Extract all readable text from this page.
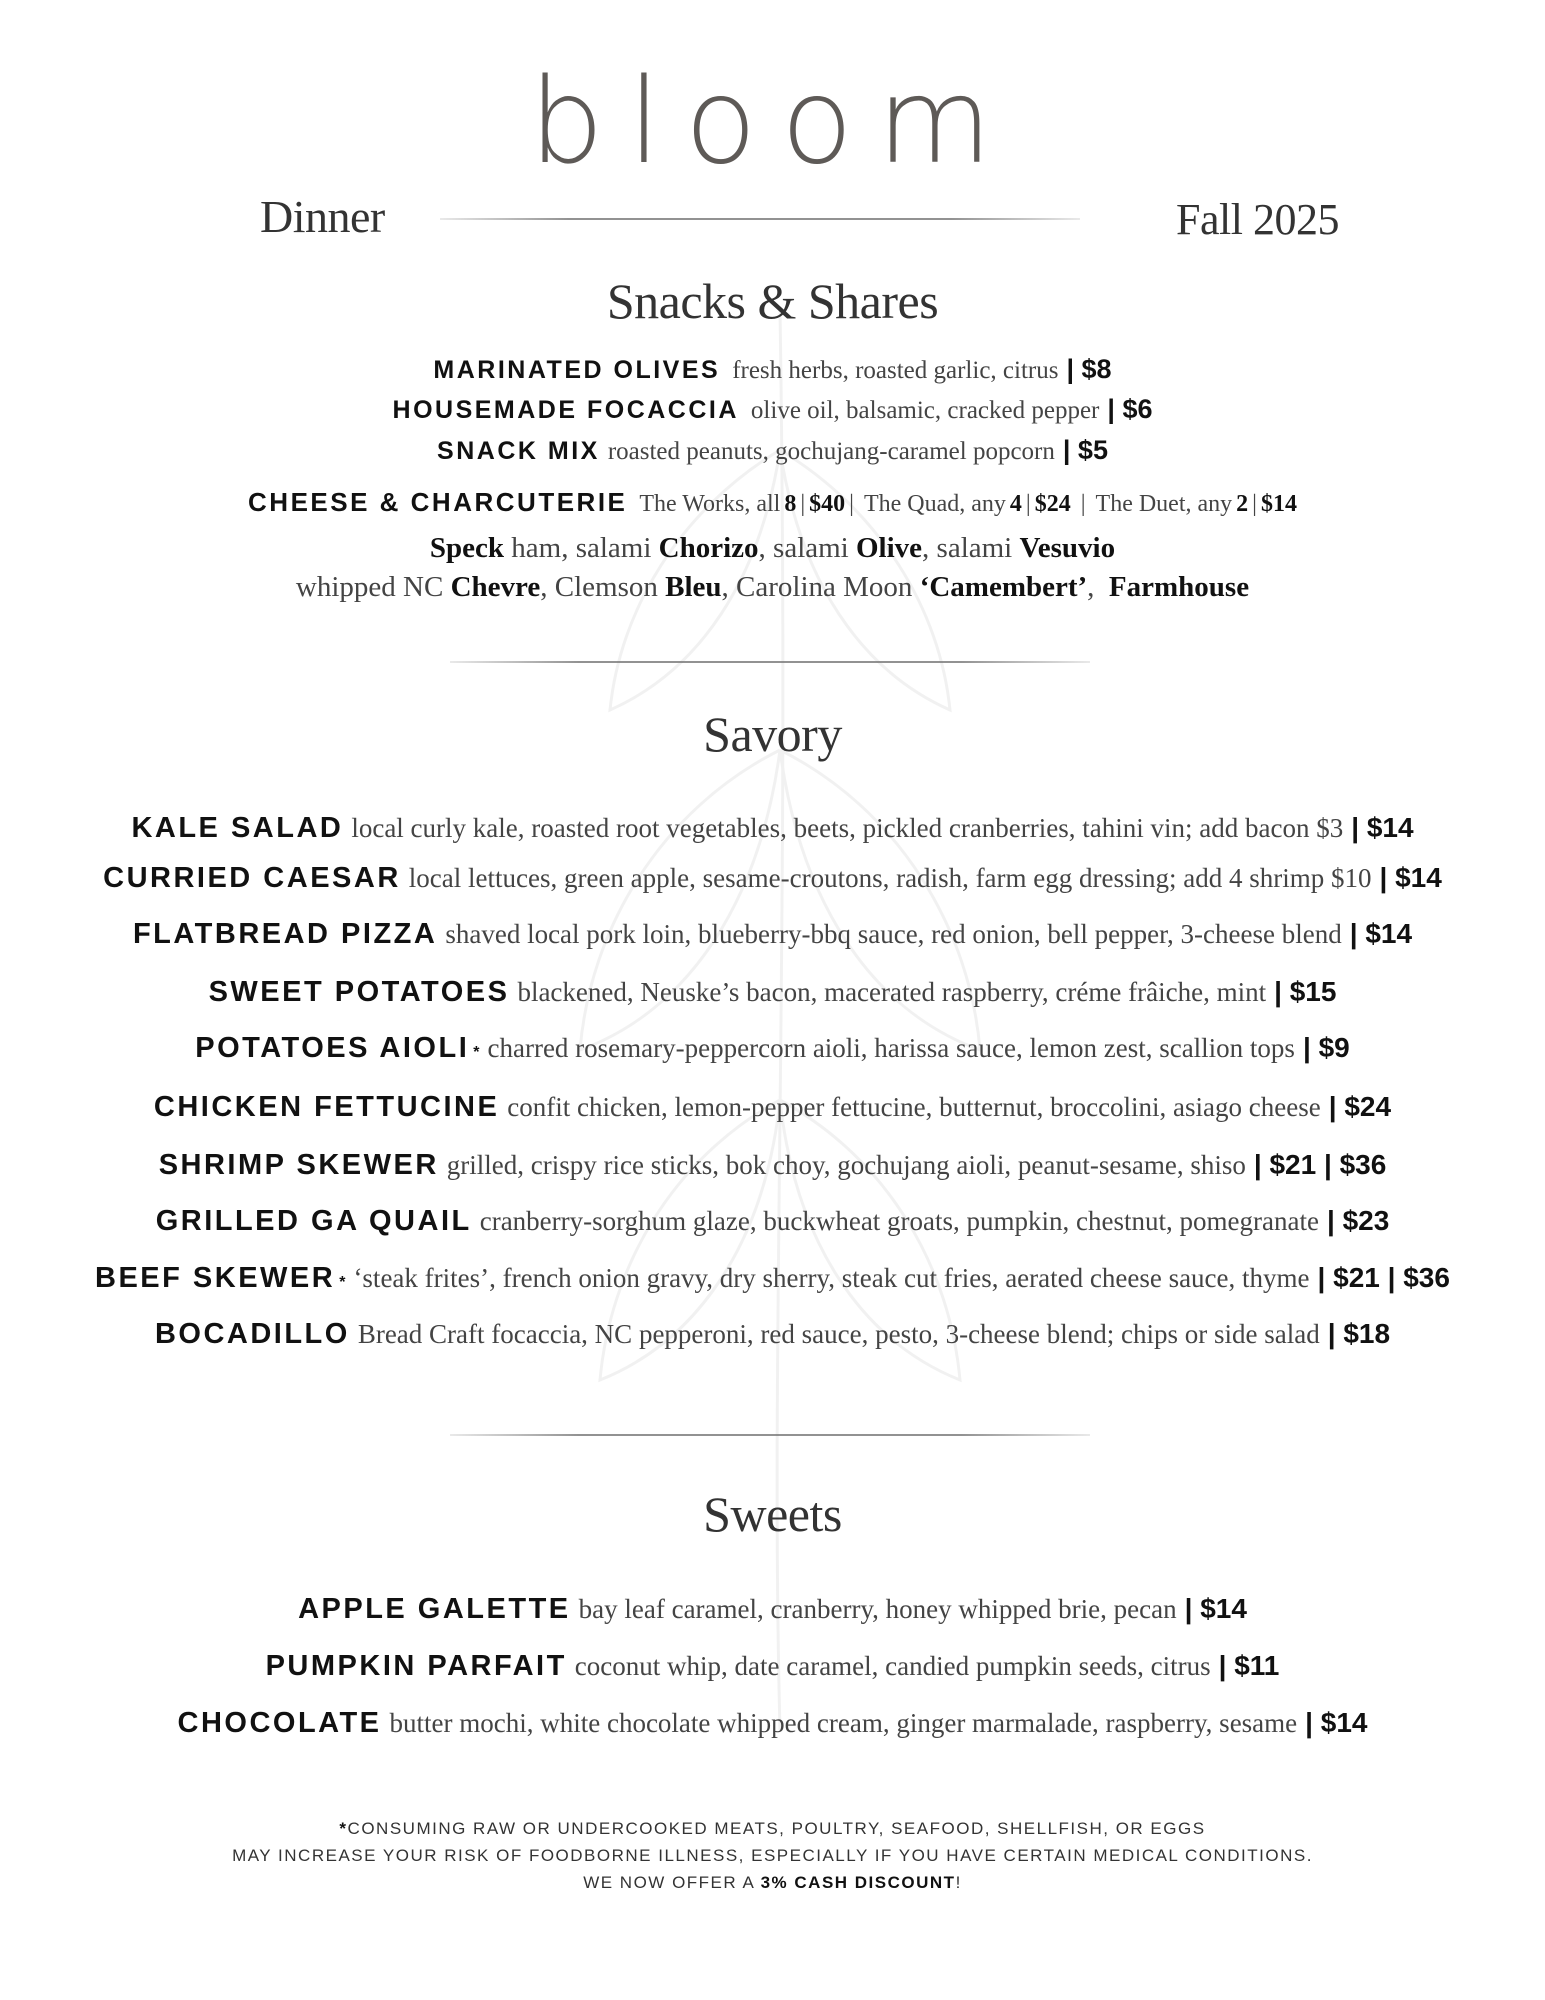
bloom
Dinner	Fall 2025
Snacks & Shares
MARINATED OLIVES fresh herbs, roasted garlic, citrus | $8
HOUSEMADE FOCACCIA olive oil, balsamic, cracked pepper | $6
SNACK MIX roasted peanuts, gochujang-caramel popcorn | $5
CHEESE & CHARCUTERIE The Works, all 8 | $40 |  The Quad, any 4 | $24  |  The Duet, any 2 | $14
Speck ham, salami Chorizo, salami Olive, salami Vesuvio
whipped NC Chevre, Clemson Bleu, Carolina Moon ‘Camembert’, Farmhouse
Savory
KALE SALAD local curly kale, roasted root vegetables, beets, pickled cranberries, tahini vin; add bacon $3 | $14
CURRIED CAESAR local lettuces, green apple, sesame-croutons, radish, farm egg dressing; add 4 shrimp $10 | $14
FLATBREAD PIZZA shaved local pork loin, blueberry-bbq sauce, red onion, bell pepper, 3-cheese blend | $14
SWEET POTATOES blackened, Neuske’s bacon, macerated raspberry, créme frâiche, mint | $15
POTATOES AIOLI * charred rosemary-peppercorn aioli, harissa sauce, lemon zest, scallion tops | $9
CHICKEN FETTUCINE confit chicken, lemon-pepper fettucine, butternut, broccolini, asiago cheese | $24
SHRIMP SKEWER grilled, crispy rice sticks, bok choy, gochujang aioli, peanut-sesame, shiso | $21 | $36
GRILLED GA QUAIL cranberry-sorghum glaze, buckwheat groats, pumpkin, chestnut, pomegranate | $23
BEEF SKEWER * ‘steak frites’, french onion gravy, dry sherry, steak cut fries, aerated cheese sauce, thyme | $21 | $36
BOCADILLO Bread Craft focaccia, NC pepperoni, red sauce, pesto, 3-cheese blend; chips or side salad | $18
Sweets
APPLE GALETTE bay leaf caramel, cranberry, honey whipped brie, pecan | $14
PUMPKIN PARFAIT coconut whip, date caramel, candied pumpkin seeds, citrus | $11
CHOCOLATE butter mochi, white chocolate whipped cream, ginger marmalade, raspberry, sesame | $14
*CONSUMING RAW OR UNDERCOOKED MEATS, POULTRY, SEAFOOD, SHELLFISH, OR EGGS
MAY INCREASE YOUR RISK OF FOODBORNE ILLNESS, ESPECIALLY IF YOU HAVE CERTAIN MEDICAL CONDITIONS.
WE NOW OFFER A 3% CASH DISCOUNT!
